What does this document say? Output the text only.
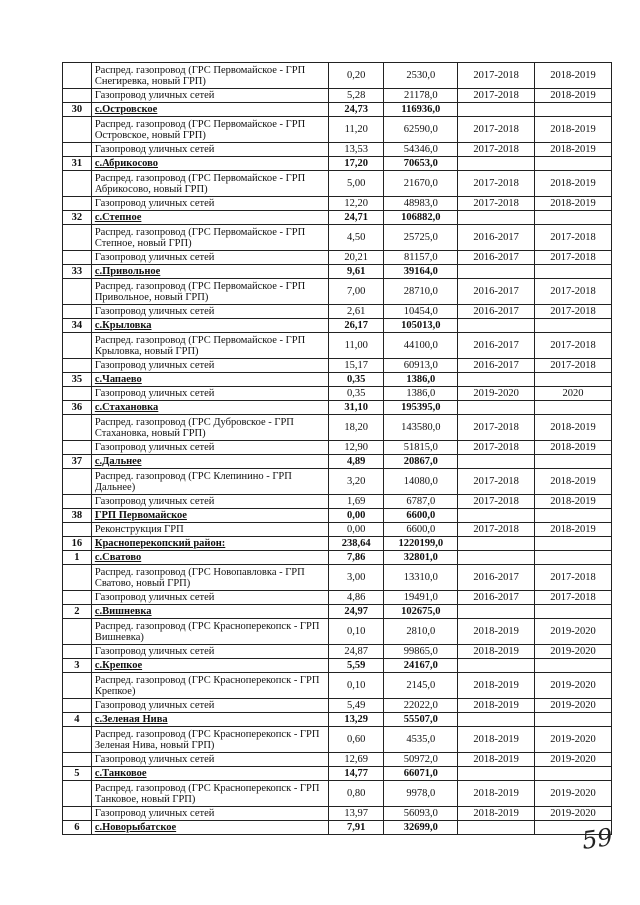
	Распред. газопровод (ГРС Первомайское - ГРП Снегиревка, новый ГРП)	0,20	2530,0	2017-2018	2018-2019
	Газопровод уличных сетей	5,28	21178,0	2017-2018	2018-2019
30	с.Островское	24,73	116936,0		
	Распред. газопровод (ГРС Первомайское - ГРП Островское, новый ГРП)	11,20	62590,0	2017-2018	2018-2019
	Газопровод уличных сетей	13,53	54346,0	2017-2018	2018-2019
31	с.Абрикосово	17,20	70653,0		
	Распред. газопровод (ГРС Первомайское - ГРП Абрикосово, новый ГРП)	5,00	21670,0	2017-2018	2018-2019
	Газопровод уличных сетей	12,20	48983,0	2017-2018	2018-2019
32	с.Степное	24,71	106882,0		
	Распред. газопровод (ГРС Первомайское - ГРП Степное, новый ГРП)	4,50	25725,0	2016-2017	2017-2018
	Газопровод уличных сетей	20,21	81157,0	2016-2017	2017-2018
33	с.Привольное	9,61	39164,0		
	Распред. газопровод (ГРС Первомайское - ГРП Привольное, новый ГРП)	7,00	28710,0	2016-2017	2017-2018
	Газопровод уличных сетей	2,61	10454,0	2016-2017	2017-2018
34	с.Крыловка	26,17	105013,0		
	Распред. газопровод (ГРС Первомайское - ГРП Крыловка, новый ГРП)	11,00	44100,0	2016-2017	2017-2018
	Газопровод уличных сетей	15,17	60913,0	2016-2017	2017-2018
35	с.Чапаево	0,35	1386,0		
	Газопровод уличных сетей	0,35	1386,0	2019-2020	2020
36	с.Стахановка	31,10	195395,0		
	Распред. газопровод (ГРС Дубровское - ГРП Стахановка, новый ГРП)	18,20	143580,0	2017-2018	2018-2019
	Газопровод уличных сетей	12,90	51815,0	2017-2018	2018-2019
37	с.Дальнее	4,89	20867,0		
	Распред. газопровод (ГРС Клепинино - ГРП Дальнее)	3,20	14080,0	2017-2018	2018-2019
	Газопровод уличных сетей	1,69	6787,0	2017-2018	2018-2019
38	ГРП Первомайское	0,00	6600,0		
	Реконструкция ГРП	0,00	6600,0	2017-2018	2018-2019
16	Красноперекопский район:	238,64	1220199,0		
1	с.Сватово	7,86	32801,0		
	Распред. газопровод (ГРС Новопавловка - ГРП Сватово, новый ГРП)	3,00	13310,0	2016-2017	2017-2018
	Газопровод уличных сетей	4,86	19491,0	2016-2017	2017-2018
2	с.Вишневка	24,97	102675,0		
	Распред. газопровод (ГРС Красноперекопск - ГРП Вишневка)	0,10	2810,0	2018-2019	2019-2020
	Газопровод уличных сетей	24,87	99865,0	2018-2019	2019-2020
3	с.Крепкое	5,59	24167,0		
	Распред. газопровод (ГРС Красноперекопск - ГРП Крепкое)	0,10	2145,0	2018-2019	2019-2020
	Газопровод уличных сетей	5,49	22022,0	2018-2019	2019-2020
4	с.Зеленая Нива	13,29	55507,0		
	Распред. газопровод (ГРС Красноперекопск - ГРП Зеленая Нива, новый ГРП)	0,60	4535,0	2018-2019	2019-2020
	Газопровод уличных сетей	12,69	50972,0	2018-2019	2019-2020
5	с.Танковое	14,77	66071,0		
	Распред. газопровод (ГРС Красноперекопск - ГРП Танковое, новый ГРП)	0,80	9978,0	2018-2019	2019-2020
	Газопровод уличных сетей	13,97	56093,0	2018-2019	2019-2020
6	с.Новорыбатское	7,91	32699,0			59
